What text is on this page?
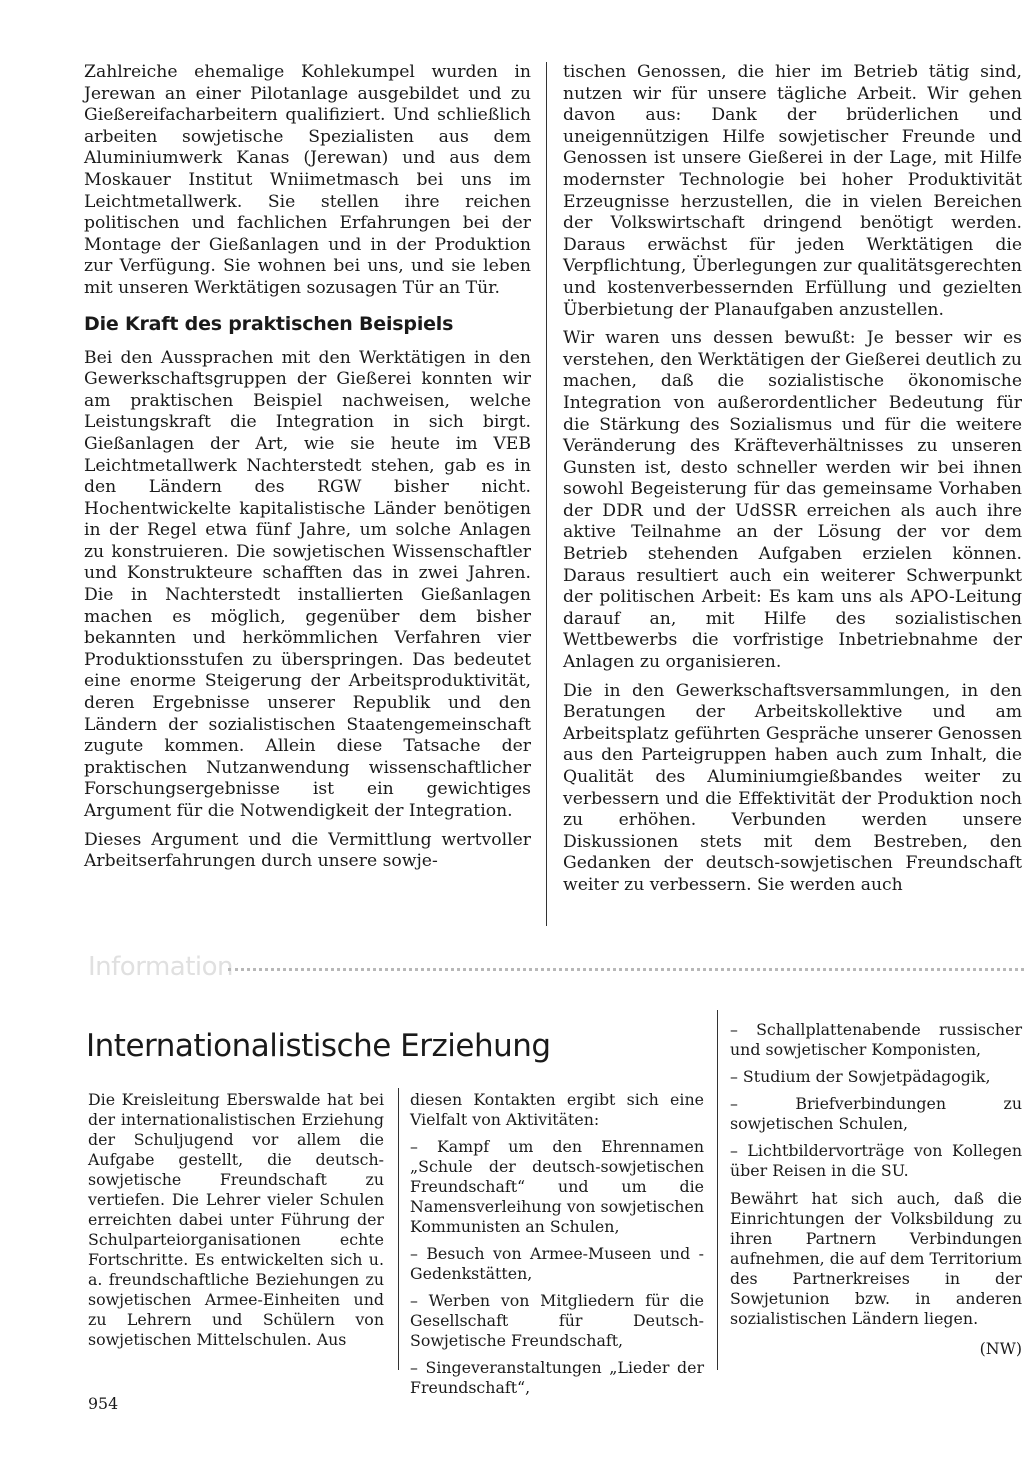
Zahlreiche ehemalige Kohlekumpel wurden in Jerewan an einer Pilotanlage ausgebildet und zu Gießereifacharbeitern qualifiziert. Und schließlich arbeiten sowjetische Spezialisten aus dem Aluminiumwerk Kanas (Jerewan) und aus dem Moskauer Institut Wniimetmasch bei uns im Leichtmetallwerk. Sie stellen ihre reichen politischen und fachlichen Erfahrungen bei der Montage der Gießanlagen und in der Produktion zur Verfügung. Sie wohnen bei uns, und sie leben mit unseren Werktätigen sozusagen Tür an Tür.

Die Kraft des praktischen Beispiels

Bei den Aussprachen mit den Werktätigen in den Gewerkschaftsgruppen der Gießerei konnten wir am praktischen Beispiel nachweisen, welche Leistungskraft die Integration in sich birgt. Gießanlagen der Art, wie sie heute im VEB Leichtmetallwerk Nachterstedt stehen, gab es in den Ländern des RGW bisher nicht. Hochentwickelte kapitalistische Länder benötigen in der Regel etwa fünf Jahre, um solche Anlagen zu konstruieren. Die sowjetischen Wissenschaftler und Konstrukteure schafften das in zwei Jahren. Die in Nachterstedt installierten Gießanlagen machen es möglich, gegenüber dem bisher bekannten und herkömmlichen Verfahren vier Produktionsstufen zu überspringen. Das bedeutet eine enorme Steigerung der Arbeitsproduktivität, deren Ergebnisse unserer Republik und den Ländern der sozialistischen Staatengemeinschaft zugute kommen. Allein diese Tatsache der praktischen Nutzanwendung wissenschaftlicher Forschungsergebnisse ist ein gewichtiges Argument für die Notwendigkeit der Integration.

Dieses Argument und die Vermittlung wertvoller Arbeitserfahrungen durch unsere sowje-

tischen Genossen, die hier im Betrieb tätig sind, nutzen wir für unsere tägliche Arbeit. Wir gehen davon aus: Dank der brüderlichen und uneigennützigen Hilfe sowjetischer Freunde und Genossen ist unsere Gießerei in der Lage, mit Hilfe modernster Technologie bei hoher Produktivität Erzeugnisse herzustellen, die in vielen Bereichen der Volkswirtschaft dringend benötigt werden. Daraus erwächst für jeden Werktätigen die Verpflichtung, Überlegungen zur qualitätsgerechten und kostenverbessernden Erfüllung und gezielten Überbietung der Planaufgaben anzustellen.

Wir waren uns dessen bewußt: Je besser wir es verstehen, den Werktätigen der Gießerei deutlich zu machen, daß die sozialistische ökonomische Integration von außerordentlicher Bedeutung für die Stärkung des Sozialismus und für die weitere Veränderung des Kräfteverhältnisses zu unseren Gunsten ist, desto schneller werden wir bei ihnen sowohl Begeisterung für das gemeinsame Vorhaben der DDR und der UdSSR erreichen als auch ihre aktive Teilnahme an der Lösung der vor dem Betrieb stehenden Aufgaben erzielen können. Daraus resultiert auch ein weiterer Schwerpunkt der politischen Arbeit: Es kam uns als APO-Leitung darauf an, mit Hilfe des sozialistischen Wettbewerbs die vorfristige Inbetriebnahme der Anlagen zu organisieren.

Die in den Gewerkschaftsversammlungen, in den Beratungen der Arbeitskollektive und am Arbeitsplatz geführten Gespräche unserer Genossen aus den Parteigruppen haben auch zum Inhalt, die Qualität des Aluminiumgießbandes weiter zu verbessern und die Effektivität der Produktion noch zu erhöhen. Verbunden werden unsere Diskussionen stets mit dem Bestreben, den Gedanken der deutsch-sowjetischen Freundschaft weiter zu verbessern. Sie werden auch

Information
Internationalistische Erziehung

Die Kreisleitung Eberswalde hat bei der internationalistischen Erziehung der Schuljugend vor allem die Aufgabe gestellt, die deutsch-sowjetische Freundschaft zu vertiefen. Die Lehrer vieler Schulen erreichten dabei unter Führung der Schulparteiorganisationen echte Fortschritte. Es entwickelten sich u. a. freundschaftliche Beziehungen zu sowjetischen Armee-Einheiten und zu Lehrern und Schülern von sowjetischen Mittelschulen. Aus

diesen Kontakten ergibt sich eine Vielfalt von Aktivitäten:

– Kampf um den Ehrennamen „Schule der deutsch-sowjetischen Freundschaft“ und um die Namensverleihung von sowjetischen Kommunisten an Schulen,

– Besuch von Armee-Museen und -Gedenkstätten,

– Werben von Mitgliedern für die Gesellschaft für Deutsch-Sowjetische Freundschaft,

– Singeveranstaltungen „Lieder der Freundschaft“,

– Schallplattenabende russischer und sowjetischer Komponisten,

– Studium der Sowjetpädagogik,

– Briefverbindungen zu sowjetischen Schulen,

– Lichtbildervorträge von Kollegen über Reisen in die SU.

Bewährt hat sich auch, daß die Einrichtungen der Volksbildung zu ihren Partnern Verbindungen aufnehmen, die auf dem Territorium des Partnerkreises in der Sowjetunion bzw. in anderen sozialistischen Ländern liegen.

(NW)

954
